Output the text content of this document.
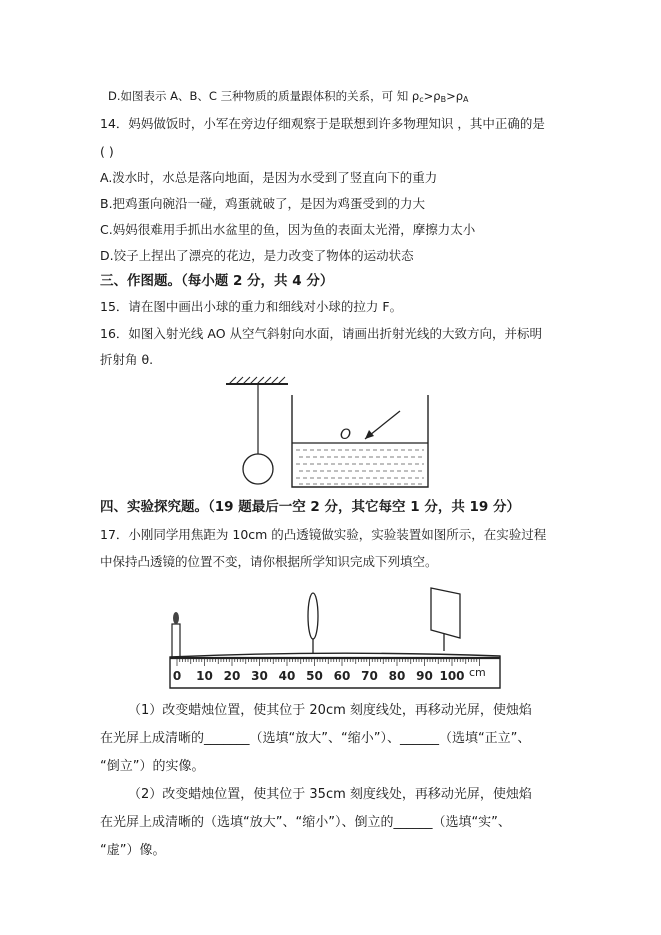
D.如图表示 A、B、C 三种物质的质量跟体积的关系，可 知 $\rho_c>\rho_B>\rho_A$
14．妈妈做饭时，小军在旁边仔细观察于是联想到许多物理知识 ，其中正确的是
( )
A.泼水时，水总是落向地面，是因为水受到了竖直向下的重力
B.把鸡蛋向碗沿一碰，鸡蛋就破了，是因为鸡蛋受到的力大
C.妈妈很难用手抓出水盆里的鱼，因为鱼的表面太光滑，摩擦力太小
D.饺子上捏出了漂亮的花边，是力改变了物体的运动状态
三、作图题。（每小题 2 分，共 4 分）
15．请在图中画出小球的重力和细线对小球的拉力 F。
16．如图入射光线 AO 从空气斜射向水面，请画出折射光线的大致方向，并标明
折射角 θ.
O
四、实验探究题。（19 题最后一空 2 分，其它每空 1 分，共 19 分）
17．小刚同学用焦距为 10cm 的凸透镜做实验，实验装置如图所示，在实验过程
中保持凸透镜的位置不变，请你根据所学知识完成下列填空。
0 10 20 30 40 50 60 70 80 90 100 cm
（1）改变蜡烛位置，使其位于 20cm 刻度线处，再移动光屏，使烛焰
在光屏上成清晰的_______（选填“放大”、“缩小”）、______（选填“正立”、
“倒立”）的实像。
（2）改变蜡烛位置，使其位于 35cm 刻度线处，再移动光屏，使烛焰
在光屏上成清晰的（选填“放大”、“缩小”）、倒立的______（选填“实”、
“虚”）像。
